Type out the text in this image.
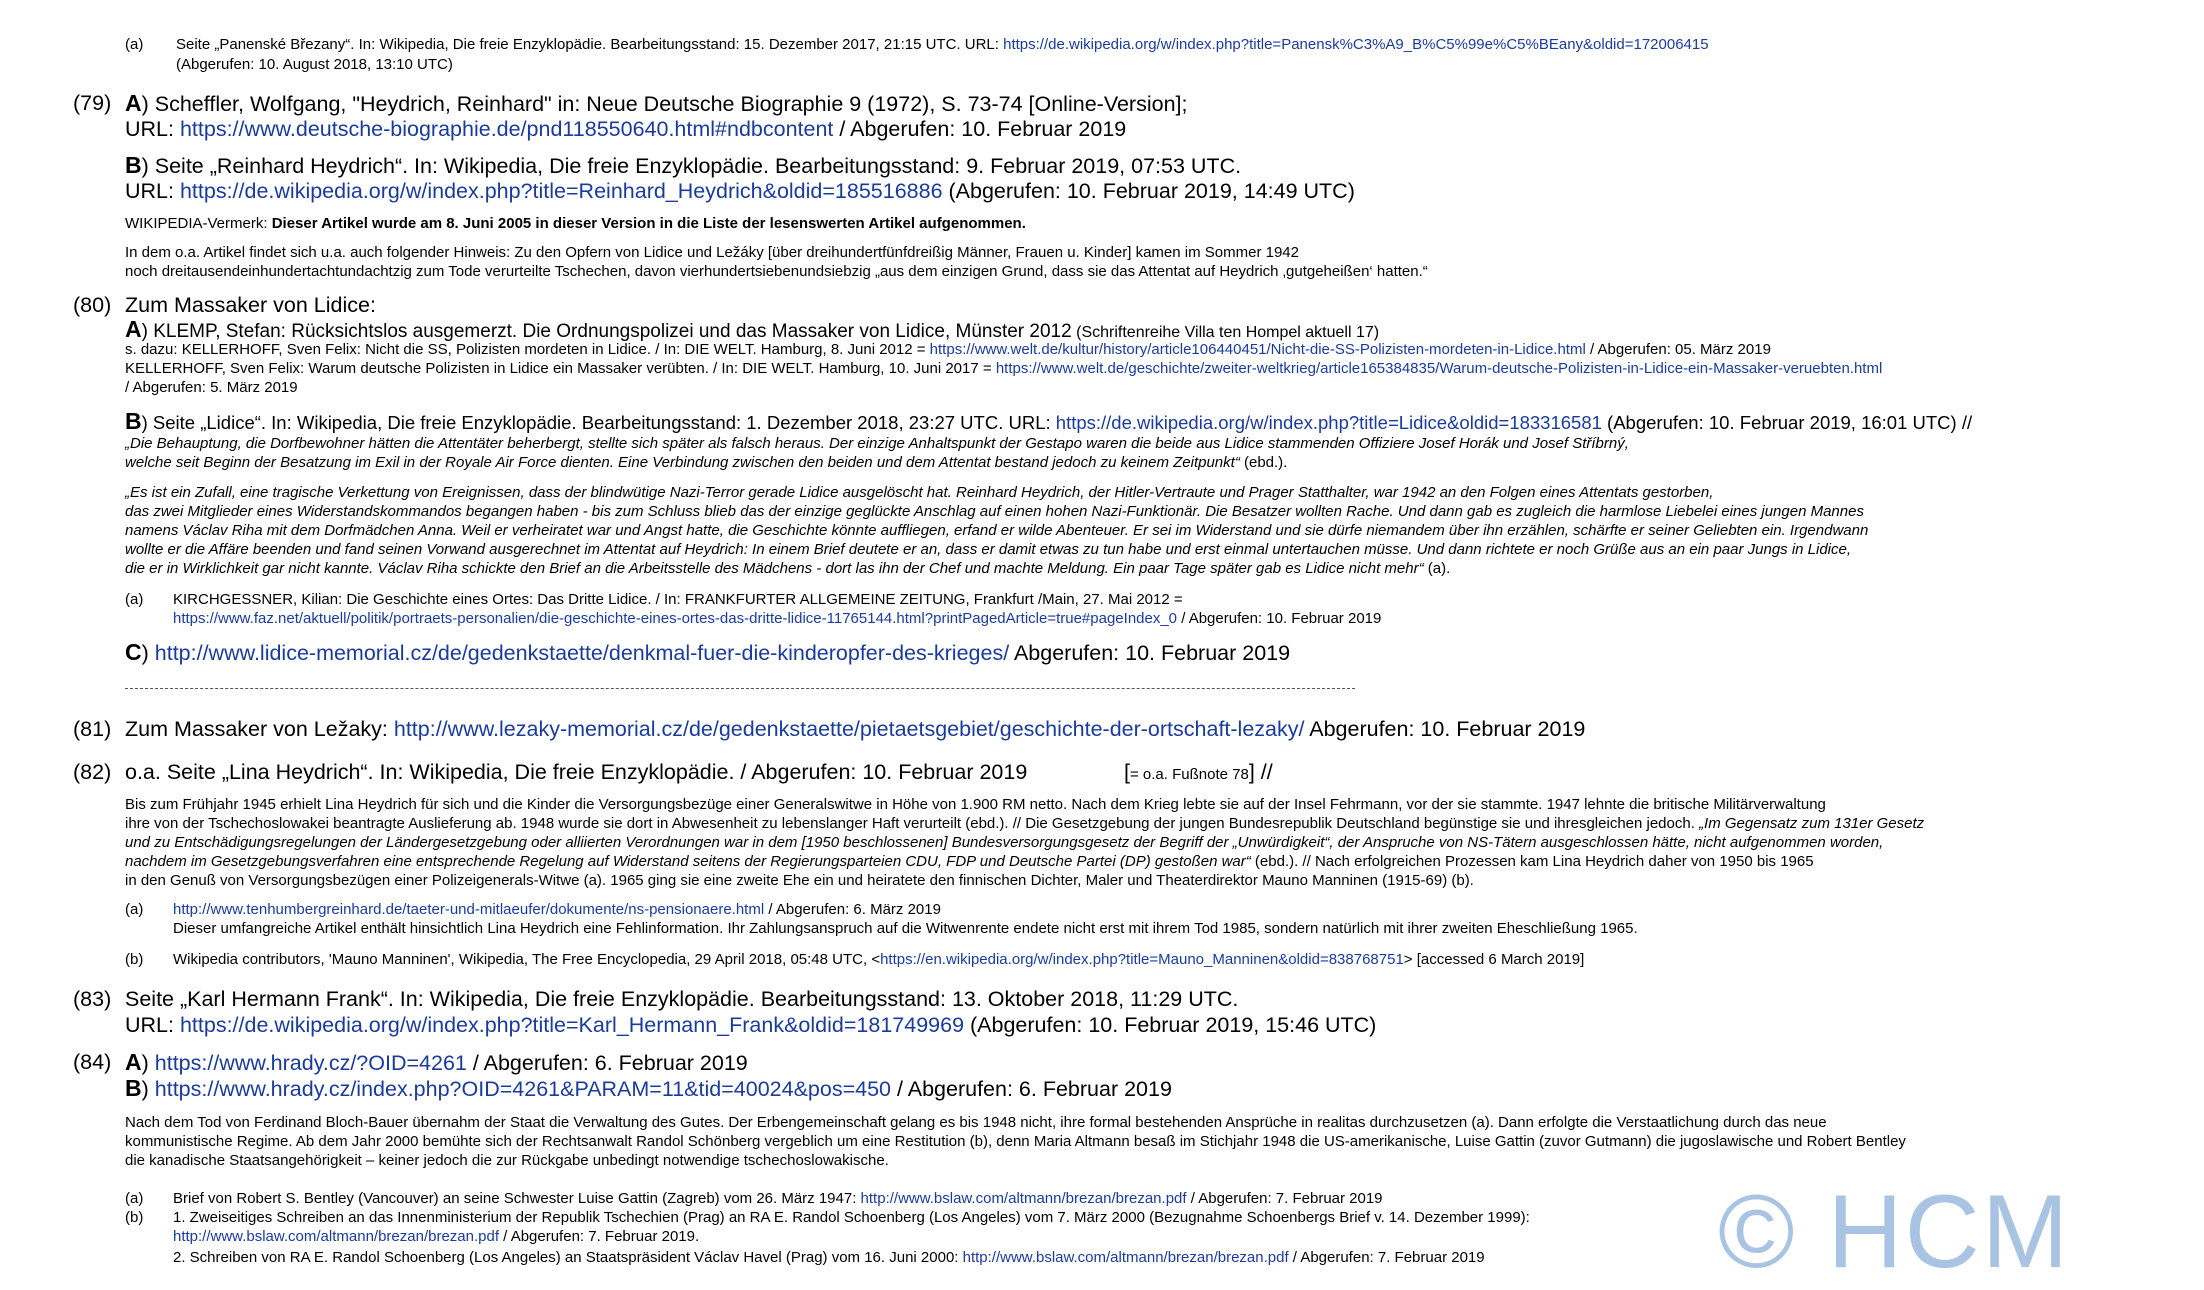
(a) Seite „Panenské Březany“. In: Wikipedia, Die freie Enzyklopädie. Bearbeitungsstand: 15. Dezember 2017, 21:15 UTC. URL: https://de.wikipedia.org/w/index.php?title=Panensk%C3%A9_B%C5%99e%C5%BEany&oldid=172006415
(Abgerufen: 10. August 2018, 13:10 UTC)
(79) A) Scheffler, Wolfgang, "Heydrich, Reinhard" in: Neue Deutsche Biographie 9 (1972), S. 73-74 [Online-Version];
URL: https://www.deutsche-biographie.de/pnd118550640.html#ndbcontent / Abgerufen: 10. Februar 2019
B) Seite „Reinhard Heydrich“. In: Wikipedia, Die freie Enzyklopädie. Bearbeitungsstand: 9. Februar 2019, 07:53 UTC.
URL: https://de.wikipedia.org/w/index.php?title=Reinhard_Heydrich&oldid=185516886 (Abgerufen: 10. Februar 2019, 14:49 UTC)
WIKIPEDIA-Vermerk: Dieser Artikel wurde am 8. Juni 2005 in dieser Version in die Liste der lesenswerten Artikel aufgenommen.
In dem o.a. Artikel findet sich u.a. auch folgender Hinweis: Zu den Opfern von Lidice und Ležáky [über dreihundertfünfdreißig Männer, Frauen u. Kinder] kamen im Sommer 1942
noch dreitausendeinhundertachtundachtzig zum Tode verurteilte Tschechen, davon vierhundertsiebenundsiebzig „aus dem einzigen Grund, dass sie das Attentat auf Heydrich ‚gutgeheißen‘ hatten.“
(80) Zum Massaker von Lidice:
A) KLEMP, Stefan: Rücksichtslos ausgemerzt. Die Ordnungspolizei und das Massaker von Lidice, Münster 2012 (Schriftenreihe Villa ten Hompel aktuell 17)
s. dazu: KELLERHOFF, Sven Felix: Nicht die SS, Polizisten mordeten in Lidice. / In: DIE WELT. Hamburg, 8. Juni 2012 = https://www.welt.de/kultur/history/article106440451/Nicht-die-SS-Polizisten-mordeten-in-Lidice.html / Abgerufen: 05. März 2019
KELLERHOFF, Sven Felix: Warum deutsche Polizisten in Lidice ein Massaker verübten. / In: DIE WELT. Hamburg, 10. Juni 2017 = https://www.welt.de/geschichte/zweiter-weltkrieg/article165384835/Warum-deutsche-Polizisten-in-Lidice-ein-Massaker-veruebten.html
/ Abgerufen: 5. März 2019
B) Seite „Lidice“. In: Wikipedia, Die freie Enzyklopädie. Bearbeitungsstand: 1. Dezember 2018, 23:27 UTC. URL: https://de.wikipedia.org/w/index.php?title=Lidice&oldid=183316581 (Abgerufen: 10. Februar 2019, 16:01 UTC) //
„Die Behauptung, die Dorfbewohner hätten die Attentäter beherbergt, stellte sich später als falsch heraus. Der einzige Anhaltspunkt der Gestapo waren die beide aus Lidice stammenden Offiziere Josef Horák und Josef Stříbrný,
welche seit Beginn der Besatzung im Exil in der Royale Air Force dienten. Eine Verbindung zwischen den beiden und dem Attentat bestand jedoch zu keinem Zeitpunkt“ (ebd.).
„Es ist ein Zufall, eine tragische Verkettung von Ereignissen, dass der blindwütige Nazi-Terror gerade Lidice ausgelöscht hat. Reinhard Heydrich, der Hitler-Vertraute und Prager Statthalter, war 1942 an den Folgen eines Attentats gestorben,
das zwei Mitglieder eines Widerstandskommandos begangen haben - bis zum Schluss blieb das der einzige geglückte Anschlag auf einen hohen Nazi-Funktionär. Die Besatzer wollten Rache. Und dann gab es zugleich die harmlose Liebelei eines jungen Mannes
namens Václav Riha mit dem Dorfmädchen Anna. Weil er verheiratet war und Angst hatte, die Geschichte könnte auffliegen, erfand er wilde Abenteuer. Er sei im Widerstand und sie dürfe niemandem über ihn erzählen, schärfte er seiner Geliebten ein. Irgendwann
wollte er die Affäre beenden und fand seinen Vorwand ausgerechnet im Attentat auf Heydrich: In einem Brief deutete er an, dass er damit etwas zu tun habe und erst einmal untertauchen müsse. Und dann richtete er noch Grüße aus an ein paar Jungs in Lidice,
die er in Wirklichkeit gar nicht kannte. Václav Riha schickte den Brief an die Arbeitsstelle des Mädchens - dort las ihn der Chef und machte Meldung. Ein paar Tage später gab es Lidice nicht mehr“ (a).
(a) KIRCHGESSNER, Kilian: Die Geschichte eines Ortes: Das Dritte Lidice. / In: FRANKFURTER ALLGEMEINE ZEITUNG, Frankfurt /Main, 27. Mai 2012 =
https://www.faz.net/aktuell/politik/portraets-personalien/die-geschichte-eines-ortes-das-dritte-lidice-11765144.html?printPagedArticle=true#pageIndex_0 / Abgerufen: 10. Februar 2019
C) http://www.lidice-memorial.cz/de/gedenkstaette/denkmal-fuer-die-kinderopfer-des-krieges/ Abgerufen: 10. Februar 2019
(81) Zum Massaker von Ležaky: http://www.lezaky-memorial.cz/de/gedenkstaette/pietaetsgebiet/geschichte-der-ortschaft-lezaky/ Abgerufen: 10. Februar 2019
(82) o.a. Seite „Lina Heydrich“. In: Wikipedia, Die freie Enzyklopädie. / Abgerufen: 10. Februar 2019	[= o.a. Fußnote 78] //
Bis zum Frühjahr 1945 erhielt Lina Heydrich für sich und die Kinder die Versorgungsbezüge einer Generalswitwe in Höhe von 1.900 RM netto. Nach dem Krieg lebte sie auf der Insel Fehrmann, vor der sie stammte. 1947 lehnte die britische Militärverwaltung
ihre von der Tschechoslowakei beantragte Auslieferung ab. 1948 wurde sie dort in Abwesenheit zu lebenslanger Haft verurteilt (ebd.). // Die Gesetzgebung der jungen Bundesrepublik Deutschland begünstige sie und ihresgleichen jedoch. „Im Gegensatz zum 131er Gesetz
und zu Entschädigungsregelungen der Ländergesetzgebung oder alliierten Verordnungen war in dem [1950 beschlossenen] Bundesversorgungsgesetz der Begriff der „Unwürdigkeit“, der Anspruche von NS-Tätern ausgeschlossen hätte, nicht aufgenommen worden,
nachdem im Gesetzgebungsverfahren eine entsprechende Regelung auf Widerstand seitens der Regierungsparteien CDU, FDP und Deutsche Partei (DP) gestoßen war“ (ebd.). // Nach erfolgreichen Prozessen kam Lina Heydrich daher von 1950 bis 1965
in den Genuß von Versorgungsbezügen einer Polizeigenerals-Witwe (a). 1965 ging sie eine zweite Ehe ein und heiratete den finnischen Dichter, Maler und Theaterdirektor Mauno Manninen (1915-69) (b).
(a) http://www.tenhumbergreinhard.de/taeter-und-mitlaeufer/dokumente/ns-pensionaere.html / Abgerufen: 6. März 2019
Dieser umfangreiche Artikel enthält hinsichtlich Lina Heydrich eine Fehlinformation. Ihr Zahlungsanspruch auf die Witwenrente endete nicht erst mit ihrem Tod 1985, sondern natürlich mit ihrer zweiten Eheschließung 1965.
(b) Wikipedia contributors, 'Mauno Manninen', Wikipedia, The Free Encyclopedia, 29 April 2018, 05:48 UTC, <https://en.wikipedia.org/w/index.php?title=Mauno_Manninen&oldid=838768751> [accessed 6 March 2019]
(83) Seite „Karl Hermann Frank“. In: Wikipedia, Die freie Enzyklopädie. Bearbeitungsstand: 13. Oktober 2018, 11:29 UTC.
URL: https://de.wikipedia.org/w/index.php?title=Karl_Hermann_Frank&oldid=181749969 (Abgerufen: 10. Februar 2019, 15:46 UTC)
(84) A) https://www.hrady.cz/?OID=4261 / Abgerufen: 6. Februar 2019
B) https://www.hrady.cz/index.php?OID=4261&PARAM=11&tid=40024&pos=450 / Abgerufen: 6. Februar 2019
Nach dem Tod von Ferdinand Bloch-Bauer übernahm der Staat die Verwaltung des Gutes. Der Erbengemeinschaft gelang es bis 1948 nicht, ihre formal bestehenden Ansprüche in realitas durchzusetzen (a). Dann erfolgte die Verstaatlichung durch das neue
kommunistische Regime. Ab dem Jahr 2000 bemühte sich der Rechtsanwalt Randol Schönberg vergeblich um eine Restitution (b), denn Maria Altmann besaß im Stichjahr 1948 die US-amerikanische, Luise Gattin (zuvor Gutmann) die jugoslawische und Robert Bentley
die kanadische Staatsangehörigkeit – keiner jedoch die zur Rückgabe unbedingt notwendige tschechoslowakische.
(a) Brief von Robert S. Bentley (Vancouver) an seine Schwester Luise Gattin (Zagreb) vom 26. März 1947: http://www.bslaw.com/altmann/brezan/brezan.pdf / Abgerufen: 7. Februar 2019
(b) 1. Zweiseitiges Schreiben an das Innenministerium der Republik Tschechien (Prag) an RA E. Randol Schoenberg (Los Angeles) vom 7. März 2000 (Bezugnahme Schoenbergs Brief v. 14. Dezember 1999):
http://www.bslaw.com/altmann/brezan/brezan.pdf / Abgerufen: 7. Februar 2019.
2. Schreiben von RA E. Randol Schoenberg (Los Angeles) an Staatspräsident Václav Havel (Prag) vom 16. Juni 2000: http://www.bslaw.com/altmann/brezan/brezan.pdf / Abgerufen: 7. Februar 2019 © HCM
